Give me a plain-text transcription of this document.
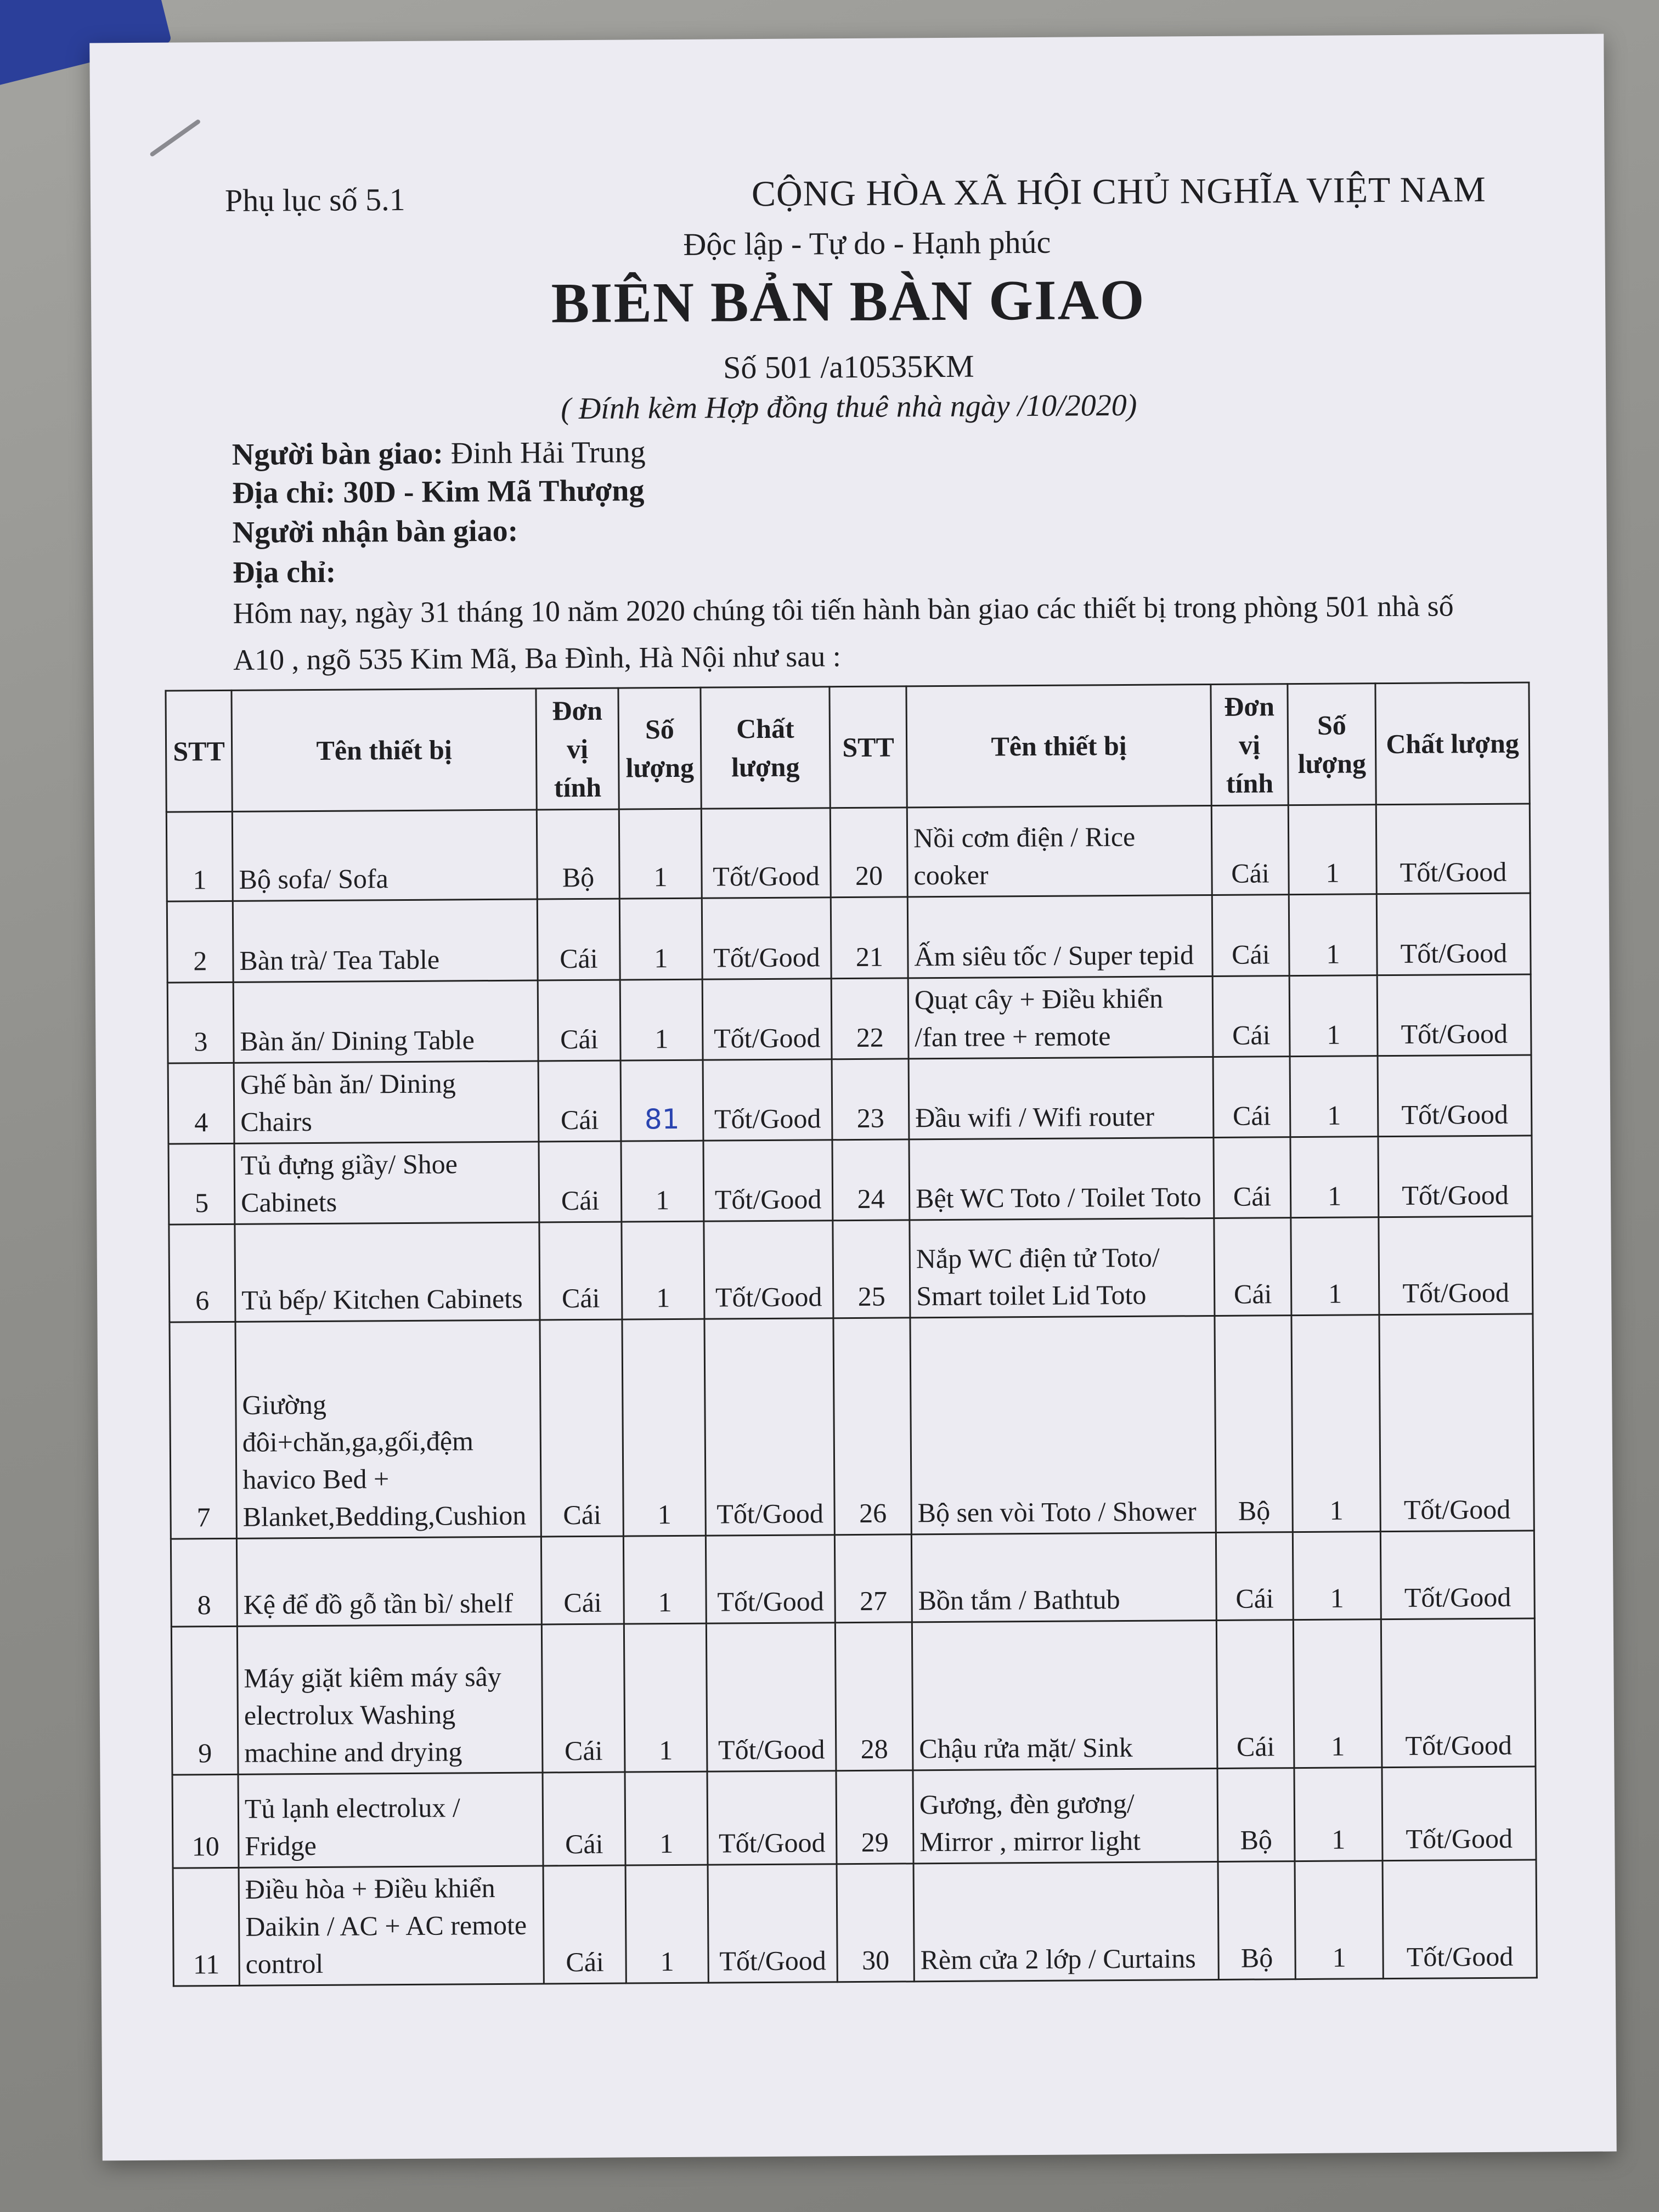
Phụ lục số 5.1	CỘNG HÒA XÃ HỘI CHỦ NGHĨA VIỆT NAM
Độc lập - Tự do - Hạnh phúc
BIÊN BẢN BÀN GIAO
Số 501 /a10535KM
( Đính kèm Hợp đồng thuê nhà ngày /10/2020)
Người bàn giao: Đinh Hải Trung
Địa chỉ: 30D - Kim Mã Thượng
Người nhận bàn giao:
Địa chỉ:
Hôm nay, ngày 31 tháng 10 năm 2020 chúng tôi tiến hành bàn giao các thiết bị trong phòng 501 nhà số
A10 , ngõ 535 Kim Mã, Ba Đình, Hà Nội như sau :
STT	Tên thiết bị	Đơn vị tính	Số lượng	Chất lượng	STT	Tên thiết bị	Đơn vị tính	Số lượng	Chất lượng
1	Bộ sofa/ Sofa	Bộ	1	Tốt/Good	20	Nồi cơm điện / Rice cooker	Cái	1	Tốt/Good
2	Bàn trà/ Tea Table	Cái	1	Tốt/Good	21	Ấm siêu tốc / Super tepid	Cái	1	Tốt/Good
3	Bàn ăn/ Dining Table	Cái	1	Tốt/Good	22	Quạt cây + Điều khiển /fan tree + remote	Cái	1	Tốt/Good
4	Ghế bàn ăn/ Dining Chairs	Cái	81	Tốt/Good	23	Đầu wifi / Wifi router	Cái	1	Tốt/Good
5	Tủ đựng giầy/ Shoe Cabinets	Cái	1	Tốt/Good	24	Bệt WC Toto / Toilet Toto	Cái	1	Tốt/Good
6	Tủ bếp/ Kitchen Cabinets	Cái	1	Tốt/Good	25	Nắp WC điện tử Toto/ Smart toilet Lid Toto	Cái	1	Tốt/Good
7	Giường đôi+chăn,ga,gối,đệm havico Bed + Blanket,Bedding,Cushion	Cái	1	Tốt/Good	26	Bộ sen vòi Toto / Shower	Bộ	1	Tốt/Good
8	Kệ để đồ gỗ tần bì/ shelf	Cái	1	Tốt/Good	27	Bồn tắm / Bathtub	Cái	1	Tốt/Good
9	Máy giặt kiêm máy sây electrolux Washing machine and drying	Cái	1	Tốt/Good	28	Chậu rửa mặt/ Sink	Cái	1	Tốt/Good
10	Tủ lạnh electrolux / Fridge	Cái	1	Tốt/Good	29	Gương, đèn gương/ Mirror , mirror light	Bộ	1	Tốt/Good
11	Điều hòa + Điều khiển Daikin / AC + AC remote control	Cái	1	Tốt/Good	30	Rèm cửa 2 lớp / Curtains	Bộ	1	Tốt/Good
